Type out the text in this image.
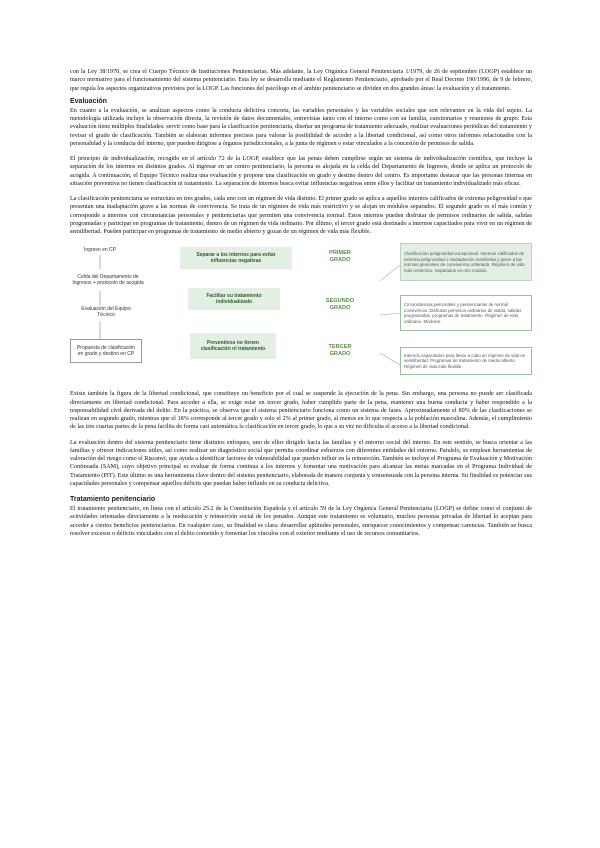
con la Ley 38/1970, se crea el Cuerpo Técnico de Instituciones Penitenciarias. Más adelante, la Ley Orgánica General Penitenciaria 1/1979, de 26 de septiembre (LOGP) establece un marco normativo para el funcionamiento del sistema penitenciario. Esta ley se desarrolla mediante el Reglamento Penitenciario, aprobado por el Real Decreto 190/1996, de 9 de febrero, que regula los aspectos organizativos previstos por la LOGP. Las funciones del psicólogo en el ámbito penitenciario se dividen en dos grandes áreas: la evaluación y el tratamiento.

Evaluación

En cuanto a la evaluación, se analizan aspectos como la conducta delictiva concreta, las variables personales y las variables sociales que son relevantes en la vida del sujeto. La metodología utilizada incluye la observación directa, la revisión de datos documentales, entrevistas tanto con el interno como con su familia, cuestionarios y reuniones de grupo. Esta evaluación tiene múltiples finalidades: servir como base para la clasificación penitenciaria, diseñar un programa de tratamiento adecuado, realizar evaluaciones periódicas del tratamiento y revisar el grado de clasificación. También se elaboran informes precisos para valorar la posibilidad de acceder a la libertad condicional, así como otros informes relacionados con la personalidad y la conducta del interno, que pueden dirigirse a órganos jurisdiccionales, a la junta de régimen o estar vinculados a la concesión de permisos de salida.

El principio de individualización, recogido en el artículo 72 de la LOGP, establece que las penas deben cumplirse según un sistema de individualización científica, que incluye la separación de los internos en distintos grados. Al ingresar en un centro penitenciario, la persona es alojada en la celda del Departamento de Ingresos, donde se aplica un protocolo de acogida. A continuación, el Equipo Técnico realiza una evaluación y propone una clasificación en grado y destino dentro del centro. Es importante destacar que las personas internas en situación preventiva no tienen clasificación ni tratamiento. La separación de internos busca evitar influencias negativas entre ellos y facilitar un tratamiento individualizado más eficaz.

La clasificación penitenciaria se estructura en tres grados, cada uno con un régimen de vida distinto. El primer grado se aplica a aquellos internos calificados de extrema peligrosidad o que presentan una inadaptación grave a las normas de convivencia. Se trata de un régimen de vida más restrictivo y se alojan en módulos separados. El segundo grado es el más común y corresponde a internos con circunstancias personales y penitenciarias que permiten una convivencia normal. Estos internos pueden disfrutar de permisos ordinarios de salida, salidas programadas y participar en programas de tratamiento, dentro de un régimen de vida ordinario. Por último, el tercer grado está destinado a internos capacitados para vivir en un régimen de semilibertad. Pueden participar en programas de tratamiento de medio abierto y gozan de un régimen de vida más flexible.

Ingreso en CP
Celda del Departamento de Ingresos + protocolo de acogida
Evaluación del Equipo Técnico
Propuesta de clasificación en grado y destino en CP
Separar a los internos para evitar influencias negativas
Facilitar su tratamiento individualizado
Preventivos no tienen clasificación ni tratamiento
PRIMER GRADO
SEGUNDO GRADO
TERCER GRADO
Clasificación peligrosidad excepcional. Internos calificados de extrema peligrosidad o inadaptación manifiesta y grave a las normas generales de convivencia ordenada. Régimen de vida más restrictivo. Separados en otro módulo.
Circunstancias personales y penitenciarias de normal convivencia. Disfrutan permisos ordinarios de salida, salidas programadas, programas de tratamiento. Régimen de vida ordinario. Módulos.
Internos capacitados para llevar a cabo un régimen de vida en semilibertad. Programas de tratamiento de medio abierto. Régimen de vida más flexible.

Existe también la figura de la libertad condicional, que constituye un beneficio por el cual se suspende la ejecución de la pena. Sin embargo, una persona no puede ser clasificada directamente en libertad condicional. Para acceder a ella, se exige estar en tercer grado, haber cumplido parte de la pena, mantener una buena conducta y haber respondido a la responsabilidad civil derivada del delito. En la práctica, se observa que el sistema penitenciario funciona como un sistema de fases. Aproximadamente el 80% de las clasificaciones se realizan en segundo grado, mientras que el 18% corresponde al tercer grado y solo el 2% al primer grado, al menos en lo que respecta a la población masculina. Además, el cumplimiento de las tres cuartas partes de la pena facilita de forma casi automática la clasificación en tercer grado, lo que a su vez no dificulta el acceso a la libertad condicional.

La evaluación dentro del sistema penitenciario tiene distintos enfoques, uno de ellos dirigido hacia las familias y el entorno social del interno. En este sentido, se busca orientar a las familias y ofrecer indicaciones útiles, así como realizar un diagnóstico social que permita coordinar esfuerzos con diferentes entidades del entorno. Paralelo, se emplean herramientas de valoración del riesgo como el Riscanvi, que ayuda a identificar factores de vulnerabilidad que pueden influir en la reinserción. También se incluye el Programa de Evaluación y Motivación Continuada (SAM), cuyo objetivo principal es evaluar de forma continua a los internos y fomentar una motivación para alcanzar las metas marcadas en el Programa Individual de Tratamiento (PIT). Este último es una herramienta clave dentro del sistema penitenciario, elaborada de manera conjunta y consensuada con la persona interna. Su finalidad es potenciar sus capacidades personales y compensar aquellos déficits que puedan haber influido en su conducta delictiva.

Tratamiento penitenciario

El tratamiento penitenciario, en línea con el artículo 25.2 de la Constitución Española y el artículo 59 de la Ley Orgánica General Penitenciaria (LOGP) se define como el conjunto de actividades orientadas directamente a la reeducación y reinserción social de los penados. Aunque este tratamiento es voluntario, muchos personas privadas de libertad lo aceptan para acceder a ciertos beneficios penitenciarios. En cualquier caso, su finalidad es clara: desarrollar aptitudes personales, enriquecer conocimientos y compensar carencias. También se busca resolver excesos o déficits vinculados con el delito cometido y fomentar los vínculos con el exterior mediante el uso de recursos comunitarios.
